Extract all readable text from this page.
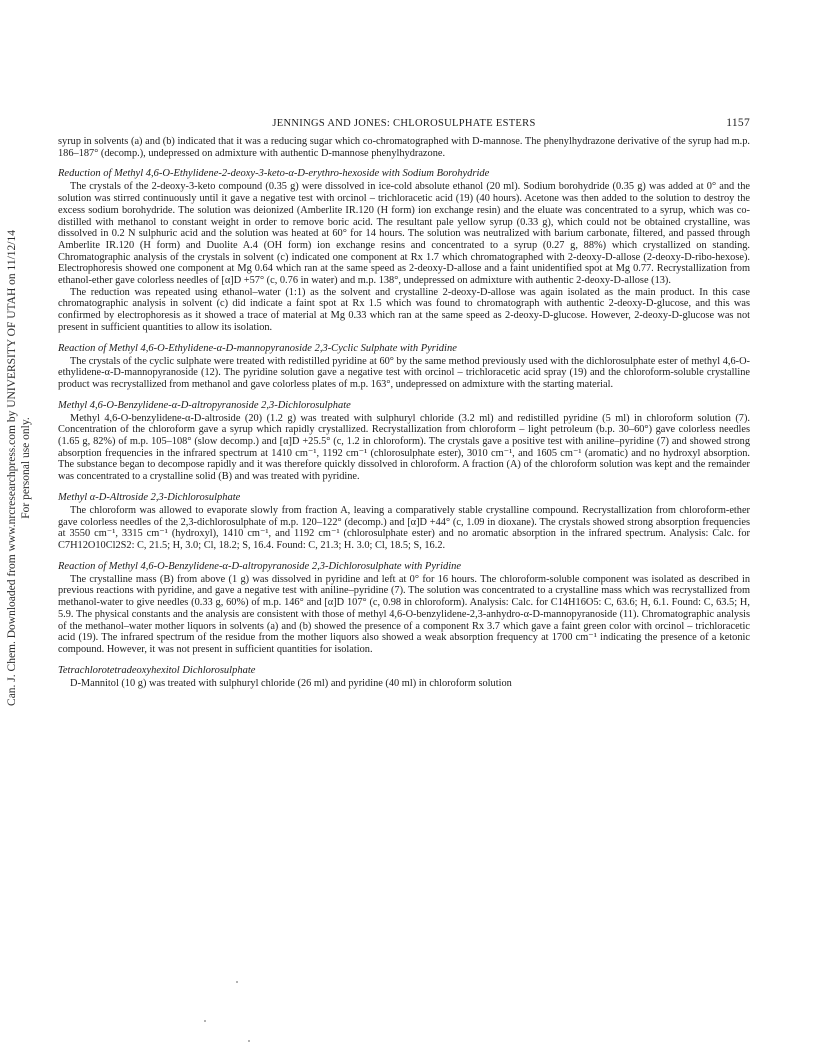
Can. J. Chem. Downloaded from www.nrcresearchpress.com by UNIVERSITY OF UTAH on 11/12/14 For personal use only.
JENNINGS AND JONES: CHLOROSULPHATE ESTERS	1157

syrup in solvents (a) and (b) indicated that it was a reducing sugar which co-chromatographed with D-mannose. The phenylhydrazone derivative of the syrup had m.p. 186–187° (decomp.), undepressed on admixture with authentic D-mannose phenylhydrazone.

Reduction of Methyl 4,6-O-Ethylidene-2-deoxy-3-keto-α-D-erythro-hexoside with Sodium Borohydride

The crystals of the 2-deoxy-3-keto compound (0.35 g) were dissolved in ice-cold absolute ethanol (20 ml). Sodium borohydride (0.35 g) was added at 0° and the solution was stirred continuously until it gave a negative test with orcinol – trichloracetic acid (19) (40 hours). Acetone was then added to the solution to destroy the excess sodium borohydride. The solution was deionized (Amberlite IR.120 (H form) ion exchange resin) and the eluate was concentrated to a syrup, which was co-distilled with methanol to constant weight in order to remove boric acid. The resultant pale yellow syrup (0.33 g), which could not be obtained crystalline, was dissolved in 0.2 N sulphuric acid and the solution was heated at 60° for 14 hours. The solution was neutralized with barium carbonate, filtered, and passed through Amberlite IR.120 (H form) and Duolite A.4 (OH form) ion exchange resins and concentrated to a syrup (0.27 g, 88%) which crystallized on standing. Chromatographic analysis of the crystals in solvent (c) indicated one component at Rx 1.7 which chromatographed with 2-deoxy-D-allose (2-deoxy-D-ribo-hexose). Electrophoresis showed one component at Mg 0.64 which ran at the same speed as 2-deoxy-D-allose and a faint unidentified spot at Mg 0.77. Recrystallization from ethanol-ether gave colorless needles of [α]D +57° (c, 0.76 in water) and m.p. 138°, undepressed on admixture with authentic 2-deoxy-D-allose (13).

The reduction was repeated using ethanol–water (1:1) as the solvent and crystalline 2-deoxy-D-allose was again isolated as the main product. In this case chromatographic analysis in solvent (c) did indicate a faint spot at Rx 1.5 which was found to chromatograph with authentic 2-deoxy-D-glucose, and this was confirmed by electrophoresis as it showed a trace of material at Mg 0.33 which ran at the same speed as 2-deoxy-D-glucose. However, 2-deoxy-D-glucose was not present in sufficient quantities to allow its isolation.

Reaction of Methyl 4,6-O-Ethylidene-α-D-mannopyranoside 2,3-Cyclic Sulphate with Pyridine

The crystals of the cyclic sulphate were treated with redistilled pyridine at 60° by the same method previously used with the dichlorosulphate ester of methyl 4,6-O-ethylidene-α-D-mannopyranoside (12). The pyridine solution gave a negative test with orcinol – trichloracetic acid spray (19) and the chloroform-soluble crystalline product was recrystallized from methanol and gave colorless plates of m.p. 163°, undepressed on admixture with the starting material.

Methyl 4,6-O-Benzylidene-α-D-altropyranoside 2,3-Dichlorosulphate

Methyl 4,6-O-benzylidene-α-D-altroside (20) (1.2 g) was treated with sulphuryl chloride (3.2 ml) and redistilled pyridine (5 ml) in chloroform solution (7). Concentration of the chloroform gave a syrup which rapidly crystallized. Recrystallization from chloroform – light petroleum (b.p. 30–60°) gave colorless needles (1.65 g, 82%) of m.p. 105–108° (slow decomp.) and [α]D +25.5° (c, 1.2 in chloroform). The crystals gave a positive test with aniline–pyridine (7) and showed strong absorption frequencies in the infrared spectrum at 1410 cm⁻¹, 1192 cm⁻¹ (chlorosulphate ester), 3010 cm⁻¹, and 1605 cm⁻¹ (aromatic) and no hydroxyl absorption. The substance began to decompose rapidly and it was therefore quickly dissolved in chloroform. A fraction (A) of the chloroform solution was kept and the remainder was concentrated to a crystalline solid (B) and was treated with pyridine.

Methyl α-D-Altroside 2,3-Dichlorosulphate

The chloroform was allowed to evaporate slowly from fraction A, leaving a comparatively stable crystalline compound. Recrystallization from chloroform-ether gave colorless needles of the 2,3-dichlorosulphate of m.p. 120–122° (decomp.) and [α]D +44° (c, 1.09 in dioxane). The crystals showed strong absorption frequencies at 3550 cm⁻¹, 3315 cm⁻¹ (hydroxyl), 1410 cm⁻¹, and 1192 cm⁻¹ (chlorosulphate ester) and no aromatic absorption in the infrared spectrum. Analysis: Calc. for C7H12O10Cl2S2: C, 21.5; H, 3.0; Cl, 18.2; S, 16.4. Found: C, 21.3; H. 3.0; Cl, 18.5; S, 16.2.

Reaction of Methyl 4,6-O-Benzylidene-α-D-altropyranoside 2,3-Dichlorosulphate with Pyridine

The crystalline mass (B) from above (1 g) was dissolved in pyridine and left at 0° for 16 hours. The chloroform-soluble component was isolated as described in previous reactions with pyridine, and gave a negative test with aniline–pyridine (7). The solution was concentrated to a crystalline mass which was recrystallized from methanol-water to give needles (0.33 g, 60%) of m.p. 146° and [α]D 107° (c, 0.98 in chloroform). Analysis: Calc. for C14H16O5: C, 63.6; H, 6.1. Found: C, 63.5; H, 5.9. The physical constants and the analysis are consistent with those of methyl 4,6-O-benzylidene-2,3-anhydro-α-D-mannopyranoside (11). Chromatographic analysis of the methanol–water mother liquors in solvents (a) and (b) showed the presence of a component Rx 3.7 which gave a faint green color with orcinol – trichloracetic acid (19). The infrared spectrum of the residue from the mother liquors also showed a weak absorption frequency at 1700 cm⁻¹ indicating the presence of a ketonic compound. However, it was not present in sufficient quantities for isolation.

Tetrachlorotetradeoxyhexitol Dichlorosulphate

D-Mannitol (10 g) was treated with sulphuryl chloride (26 ml) and pyridine (40 ml) in chloroform solution
